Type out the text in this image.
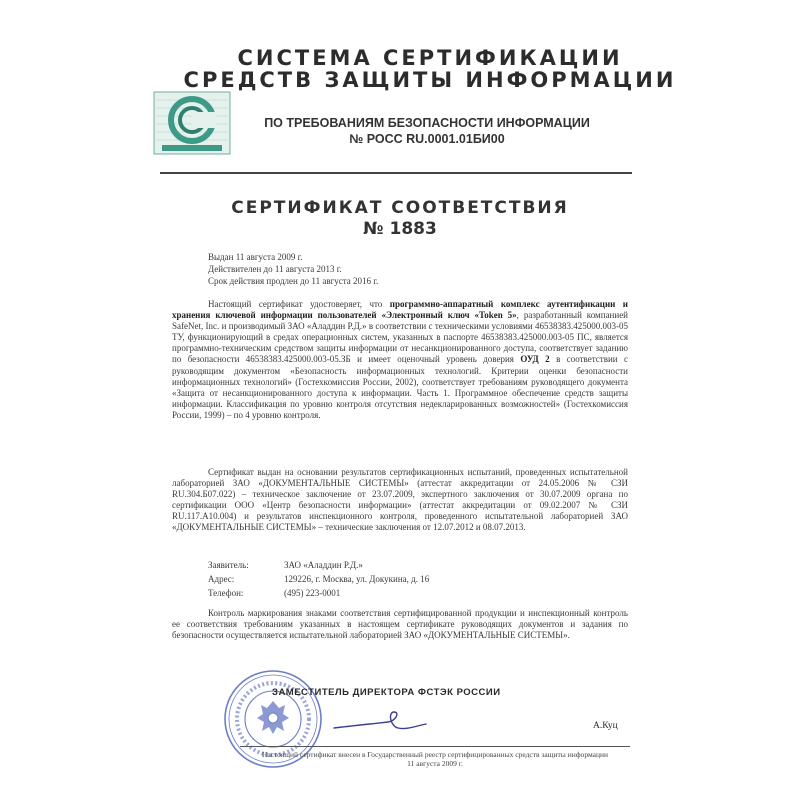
СИСТЕМА СЕРТИФИКАЦИИ
СРЕДСТВ ЗАЩИТЫ ИНФОРМАЦИИ
ПО ТРЕБОВАНИЯМ БЕЗОПАСНОСТИ ИНФОРМАЦИИ
№ РОСС RU.0001.01БИ00
СЕРТИФИКАТ СООТВЕТСТВИЯ
№ 1883
Выдан 11 августа 2009 г.
Действителен до 11 августа 2013 г.
Срок действия продлен до 11 августа 2016 г.
Настоящий сертификат удостоверяет, что программно-аппаратный комплекс аутентификации и хранения ключевой информации пользователей «Электронный ключ «Token 5», разработанный компанией SafeNet, Inc. и производимый ЗАО «Аладдин Р.Д.» в соответствии с техническими условиями 46538383.425000.003-05 ТУ, функционирующий в средах операционных систем, указанных в паспорте 46538383.425000.003-05 ПС, является программно-техническим средством защиты информации от несанкционированного доступа, соответствует заданию по безопасности 46538383.425000.003-05.ЗБ и имеет оценочный уровень доверия ОУД 2 в соответствии с руководящим документом «Безопасность информационных технологий. Критерии оценки безопасности информационных технологий» (Гостехкомиссия России, 2002), соответствует требованиям руководящего документа «Защита от несанкционированного доступа к информации. Часть 1. Программное обеспечение средств защиты информации. Классификация по уровню контроля отсутствия недекларированных возможностей» (Гостехкомиссия России, 1999) – по 4 уровню контроля.
Сертификат выдан на основании результатов сертификационных испытаний, проведенных испытательной лабораторией ЗАО «ДОКУМЕНТАЛЬНЫЕ СИСТЕМЫ» (аттестат аккредитации от 24.05.2006 № СЗИ RU.304.Б07.022) – техническое заключение от 23.07.2009, экспертного заключения от 30.07.2009 органа по сертификации ООО «Центр безопасности информации» (аттестат аккредитации от 09.02.2007 № СЗИ RU.117.А10.004) и результатов инспекционного контроля, проведенного испытательной лабораторией ЗАО «ДОКУМЕНТАЛЬНЫЕ СИСТЕМЫ» – технические заключения от 12.07.2012 и 08.07.2013.
Заявитель:	ЗАО «Аладдин Р.Д.»
Адрес:	129226, г. Москва, ул. Докукина, д. 16
Телефон:	(495) 223-0001
Контроль маркирования знаками соответствия сертифицированной продукции и инспекционный контроль ее соответствия требованиям указанных в настоящем сертификате руководящих документов и задания по безопасности осуществляется испытательной лабораторией ЗАО «ДОКУМЕНТАЛЬНЫЕ СИСТЕМЫ».
ЗАМЕСТИТЕЛЬ ДИРЕКТОРА ФСТЭК РОССИИ
А.Куц
Настоящий сертификат внесен в Государственный реестр сертифицированных средств защиты информации
11 августа 2009 г.
